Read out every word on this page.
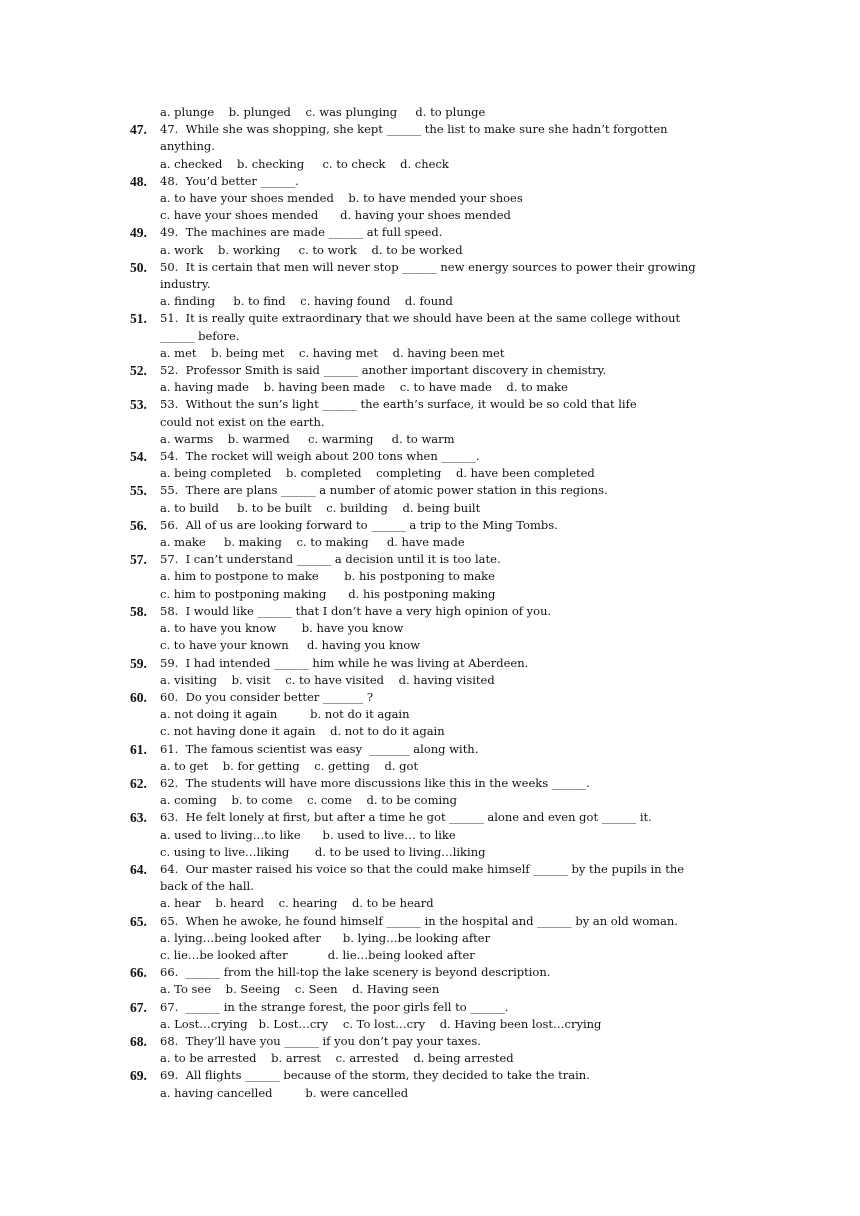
a. plunge    b. plunged    c. was plunging     d. to plunge
47.  While she was shopping, she kept ______ the list to make sure she hadn’t forgotten
47.
anything.
a. checked    b. checking     c. to check    d. check
48.  You’d better ______.
48.
a. to have your shoes mended    b. to have mended your shoes
c. have your shoes mended      d. having your shoes mended
49.  The machines are made ______ at full speed.
49.
a. work    b. working     c. to work    d. to be worked
50.  It is certain that men will never stop ______ new energy sources to power their growing
50.
industry.
a. finding     b. to find    c. having found    d. found
51.  It is really quite extraordinary that we should have been at the same college without
51.
______ before.
a. met    b. being met    c. having met    d. having been met
52.  Professor Smith is said ______ another important discovery in chemistry.
52.
a. having made    b. having been made    c. to have made    d. to make
53.  Without the sun’s light ______ the earth’s surface, it would be so cold that life
53.
could not exist on the earth.
a. warms    b. warmed     c. warming     d. to warm
54.  The rocket will weigh about 200 tons when ______.
54.
a. being completed    b. completed    completing    d. have been completed
55.  There are plans ______ a number of atomic power station in this regions.
55.
a. to build     b. to be built    c. building    d. being built
56.  All of us are looking forward to ______ a trip to the Ming Tombs.
56.
a. make     b. making    c. to making     d. have made
57.  I can’t understand ______ a decision until it is too late.
57.
a. him to postpone to make       b. his postponing to make
c. him to postponing making      d. his postponing making
58.  I would like ______ that I don’t have a very high opinion of you.
58.
a. to have you know       b. have you know
c. to have your known     d. having you know
59.  I had intended ______ him while he was living at Aberdeen.
59.
a. visiting    b. visit    c. to have visited    d. having visited
60.  Do you consider better _______ ?
60.
a. not doing it again         b. not do it again
c. not having done it again    d. not to do it again
61.  The famous scientist was easy  _______ along with.
61.
a. to get    b. for getting    c. getting    d. got
62.  The students will have more discussions like this in the weeks ______.
62.
a. coming    b. to come    c. come    d. to be coming
63.  He felt lonely at first, but after a time he got ______ alone and even got ______ it.
63.
a. used to living…to like      b. used to live… to like
c. using to live…liking       d. to be used to living…liking
64.  Our master raised his voice so that the could make himself ______ by the pupils in the
64.
back of the hall.
a. hear    b. heard    c. hearing    d. to be heard
65.  When he awoke, he found himself ______ in the hospital and ______ by an old woman.
65.
a. lying…being looked after      b. lying…be looking after
c. lie…be looked after           d. lie…being looked after
66.  ______ from the hill-top the lake scenery is beyond description.
66.
a. To see    b. Seeing    c. Seen    d. Having seen
67.  ______ in the strange forest, the poor girls fell to ______.
67.
a. Lost…crying   b. Lost…cry    c. To lost…cry    d. Having been lost…crying
68.  They’ll have you ______ if you don’t pay your taxes.
68.
a. to be arrested    b. arrest    c. arrested    d. being arrested
69.  All flights ______ because of the storm, they decided to take the train.
69.
a. having cancelled         b. were cancelled
